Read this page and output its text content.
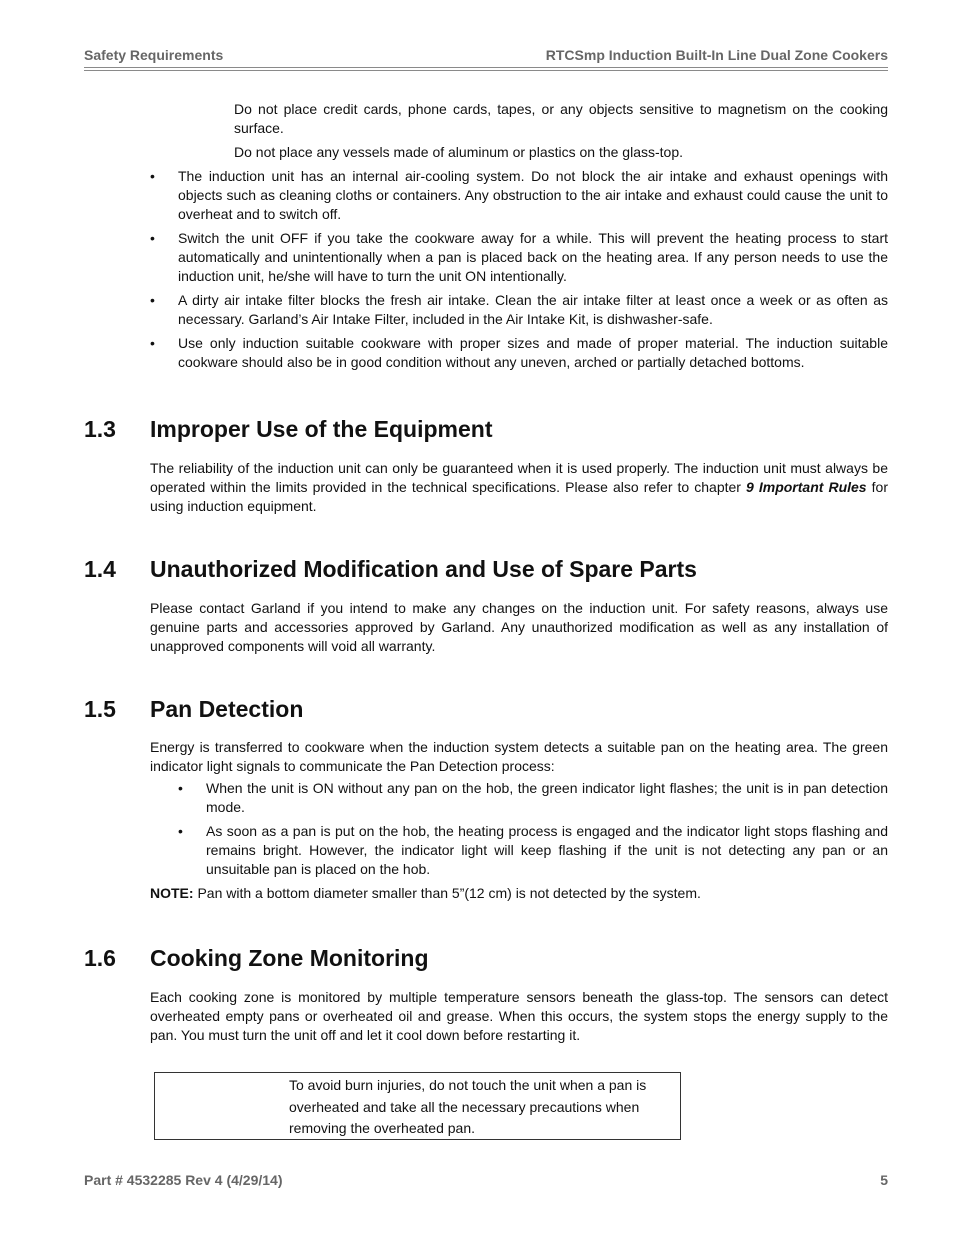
Safety Requirements	RTCSmp Induction Built-In Line Dual Zone Cookers

Do not place credit cards, phone cards, tapes, or any objects sensitive to magnetism on the cooking surface.

Do not place any vessels made of aluminum or plastics on the glass-top.

• The induction unit has an internal air-cooling system. Do not block the air intake and exhaust openings with objects such as cleaning cloths or containers. Any obstruction to the air intake and exhaust could cause the unit to overheat and to switch off.
• Switch the unit OFF if you take the cookware away for a while. This will prevent the heating process to start automatically and unintentionally when a pan is placed back on the heating area. If any person needs to use the induction unit, he/she will have to turn the unit ON intentionally.
• A dirty air intake filter blocks the fresh air intake. Clean the air intake filter at least once a week or as often as necessary. Garland’s Air Intake Filter, included in the Air Intake Kit, is dishwasher-safe.
• Use only induction suitable cookware with proper sizes and made of proper material. The induction suitable cookware should also be in good condition without any uneven, arched or partially detached bottoms.
1.3 Improper Use of the Equipment

The reliability of the induction unit can only be guaranteed when it is used properly. The induction unit must always be operated within the limits provided in the technical specifications. Please also refer to chapter 9 Important Rules for using induction equipment.

1.4 Unauthorized Modification and Use of Spare Parts

Please contact Garland if you intend to make any changes on the induction unit. For safety reasons, always use genuine parts and accessories approved by Garland. Any unauthorized modification as well as any installation of unapproved components will void all warranty.

1.5 Pan Detection

Energy is transferred to cookware when the induction system detects a suitable pan on the heating area. The green indicator light signals to communicate the Pan Detection process:

• When the unit is ON without any pan on the hob, the green indicator light flashes; the unit is in pan detection mode.
• As soon as a pan is put on the hob, the heating process is engaged and the indicator light stops flashing and remains bright. However, the indicator light will keep flashing if the unit is not detecting any pan or an unsuitable pan is placed on the hob.

NOTE: Pan with a bottom diameter smaller than 5”(12 cm) is not detected by the system.

1.6 Cooking Zone Monitoring

Each cooking zone is monitored by multiple temperature sensors beneath the glass-top. The sensors can detect overheated empty pans or overheated oil and grease. When this occurs, the system stops the energy supply to the pan. You must turn the unit off and let it cool down before restarting it.

To avoid burn injuries, do not touch the unit when a pan is overheated and take all the necessary precautions when removing the overheated pan.
Part # 4532285 Rev 4 (4/29/14)	5
